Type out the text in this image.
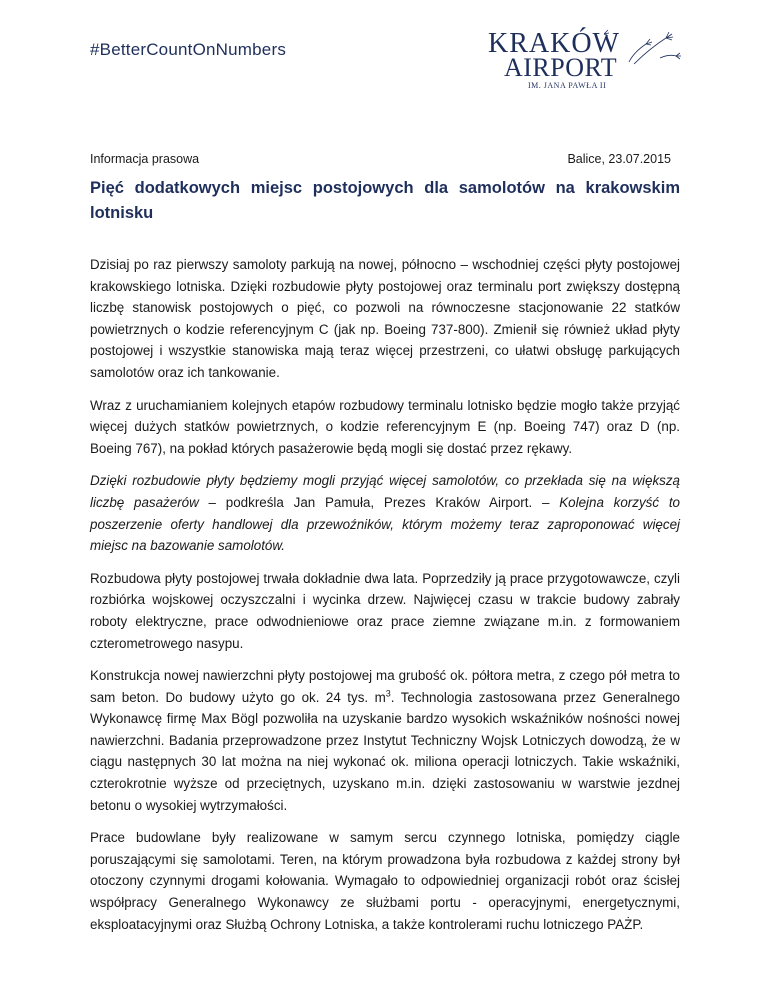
#BetterCountOnNumbers	KRAKÓW
AIRPORT
IM. JANA PAWŁA II
Informacja prasowa	Balice, 23.07.2015
Pięć dodatkowych miejsc postojowych dla samolotów na krakowskim lotnisku

Dzisiaj po raz pierwszy samoloty parkują na nowej, północno – wschodniej części płyty postojowej krakowskiego lotniska. Dzięki rozbudowie płyty postojowej oraz terminalu port zwiększy dostępną liczbę stanowisk postojowych o pięć, co pozwoli na równoczesne stacjonowanie 22 statków powietrznych o kodzie referencyjnym C (jak np. Boeing 737-800). Zmienił się również układ płyty postojowej i wszystkie stanowiska mają teraz więcej przestrzeni, co ułatwi obsługę parkujących samolotów oraz ich tankowanie.

Wraz z uruchamianiem kolejnych etapów rozbudowy terminalu lotnisko będzie mogło także przyjąć więcej dużych statków powietrznych, o kodzie referencyjnym E (np. Boeing 747) oraz D (np. Boeing 767), na pokład których pasażerowie będą mogli się dostać przez rękawy.

Dzięki rozbudowie płyty będziemy mogli przyjąć więcej samolotów, co przekłada się na większą liczbę pasażerów – podkreśla Jan Pamuła, Prezes Kraków Airport. – Kolejna korzyść to poszerzenie oferty handlowej dla przewoźników, którym możemy teraz zaproponować więcej miejsc na bazowanie samolotów.

Rozbudowa płyty postojowej trwała dokładnie dwa lata. Poprzedziły ją prace przygotowawcze, czyli rozbiórka wojskowej oczyszczalni i wycinka drzew. Najwięcej czasu w trakcie budowy zabrały roboty elektryczne, prace odwodnieniowe oraz prace ziemne związane m.in. z formowaniem czterometrowego nasypu.

Konstrukcja nowej nawierzchni płyty postojowej ma grubość ok. półtora metra, z czego pół metra to sam beton. Do budowy użyto go ok. 24 tys. $m^3$. Technologia zastosowana przez Generalnego Wykonawcę firmę Max Bögl pozwoliła na uzyskanie bardzo wysokich wskaźników nośności nowej nawierzchni. Badania przeprowadzone przez Instytut Techniczny Wojsk Lotniczych dowodzą, że w ciągu następnych 30 lat można na niej wykonać ok. miliona operacji lotniczych. Takie wskaźniki, czterokrotnie wyższe od przeciętnych, uzyskano m.in. dzięki zastosowaniu w warstwie jezdnej betonu o wysokiej wytrzymałości.

Prace budowlane były realizowane w samym sercu czynnego lotniska, pomiędzy ciągle poruszającymi się samolotami. Teren, na którym prowadzona była rozbudowa z każdej strony był otoczony czynnymi drogami kołowania. Wymagało to odpowiedniej organizacji robót oraz ścisłej współpracy Generalnego Wykonawcy ze służbami portu - operacyjnymi, energetycznymi, eksploatacyjnymi oraz Służbą Ochrony Lotniska, a także kontrolerami ruchu lotniczego PAŻP.
